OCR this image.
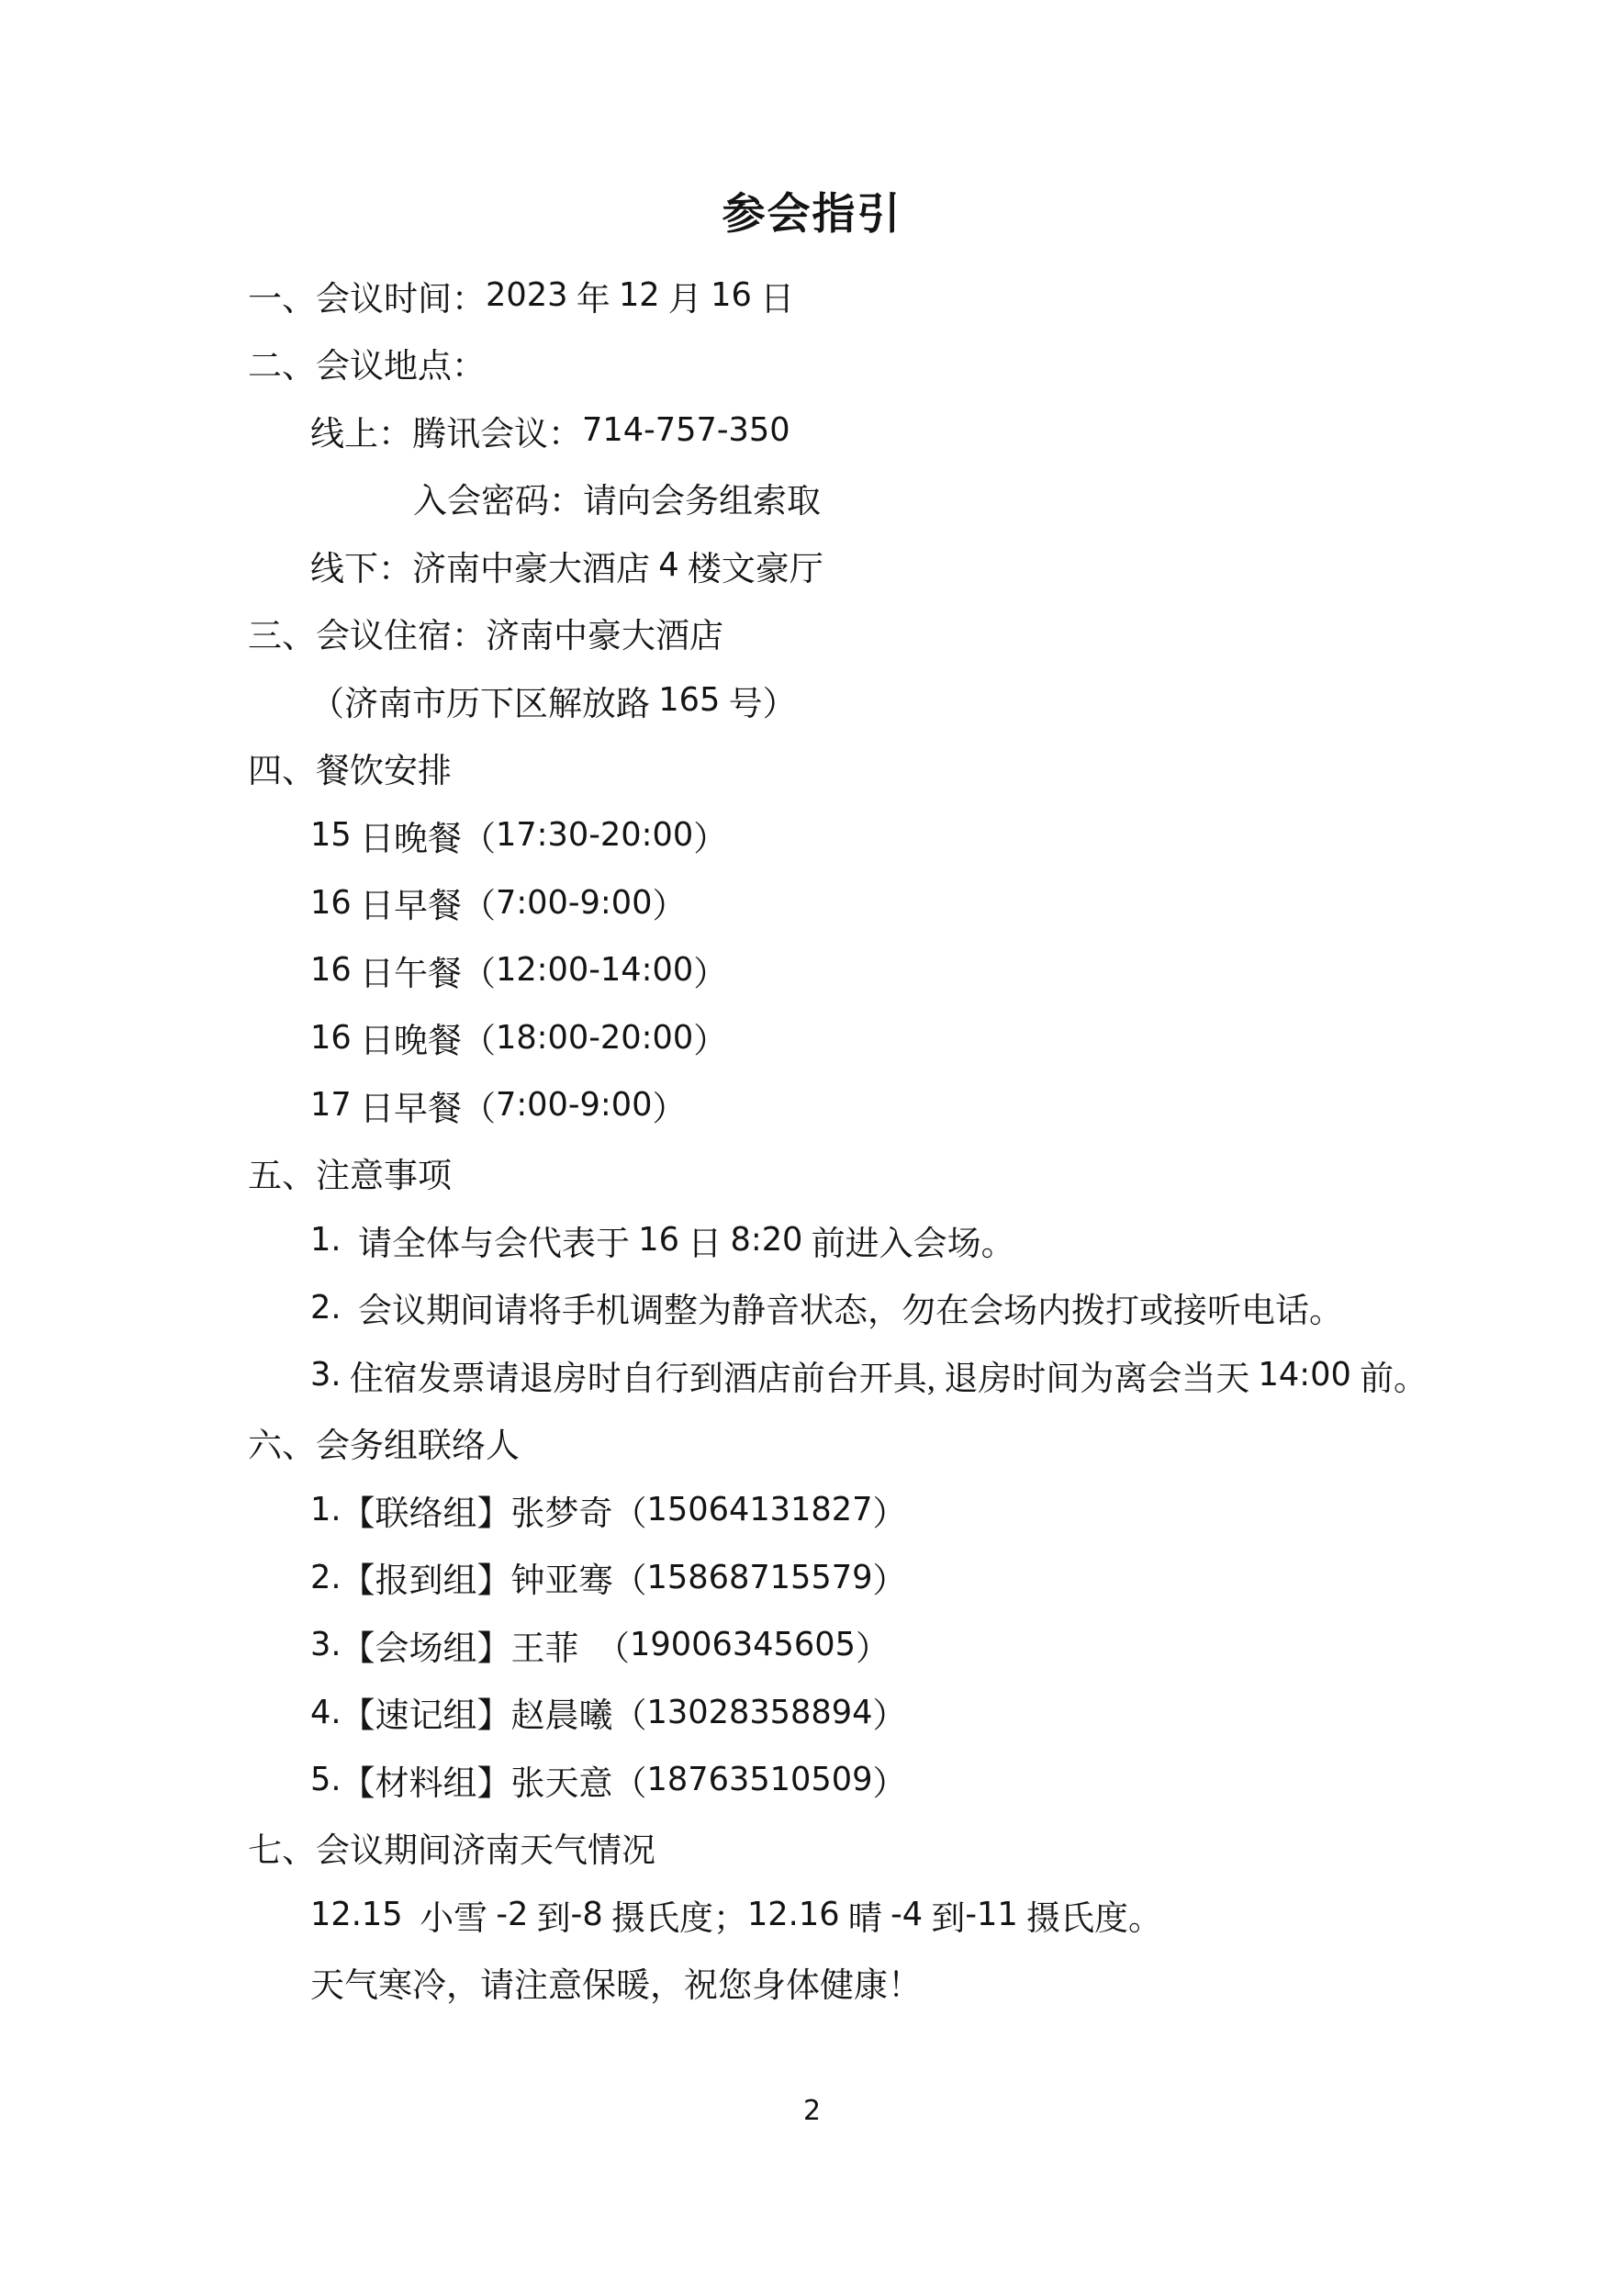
参会指引
一、会议时间： 2023 年 12 月 16 日
二、会议地点：
线上：腾讯会议： 714-757-350
入会密码：请向会务组索取
线下：济南中豪大酒店 4 楼文豪厅
三、会议住宿：济南中豪大酒店
（济南市历下区解放路 165 号）
四、餐饮安排
15 日晚餐（ 17:30-20:00 ）
16 日早餐（ 7:00-9:00 ）
16 日午餐（ 12:00-14:00 ）
16 日晚餐（ 18:00-20:00 ）
17 日早餐（ 7:00-9:00 ）
五、注意事项
1. 请全体与会代表于 16 日 8:20 前进入会场。
2. 会议期间请将手机调整为静音状态，勿在会场内拨打或接听电话。
3. 住宿发票请退房时自行到酒店前台开具, 退房时间为离会当天 14:00 前。
六、会务组联络人
1. 【联络组】张梦奇（ 15064131827 ）
2. 【报到组】钟亚骞（ 15868715579 ）
3. 【会场组】王菲　（ 19006345605 ）
4. 【速记组】赵晨曦（ 13028358894 ）
5. 【材料组】张天意（ 18763510509 ）
七、会议期间济南天气情况
12.15 小雪 -2 到 -8 摄氏度； 12.16 晴 -4 到 -11 摄氏度。
天气寒冷，请注意保暖，祝您身体健康！
2
